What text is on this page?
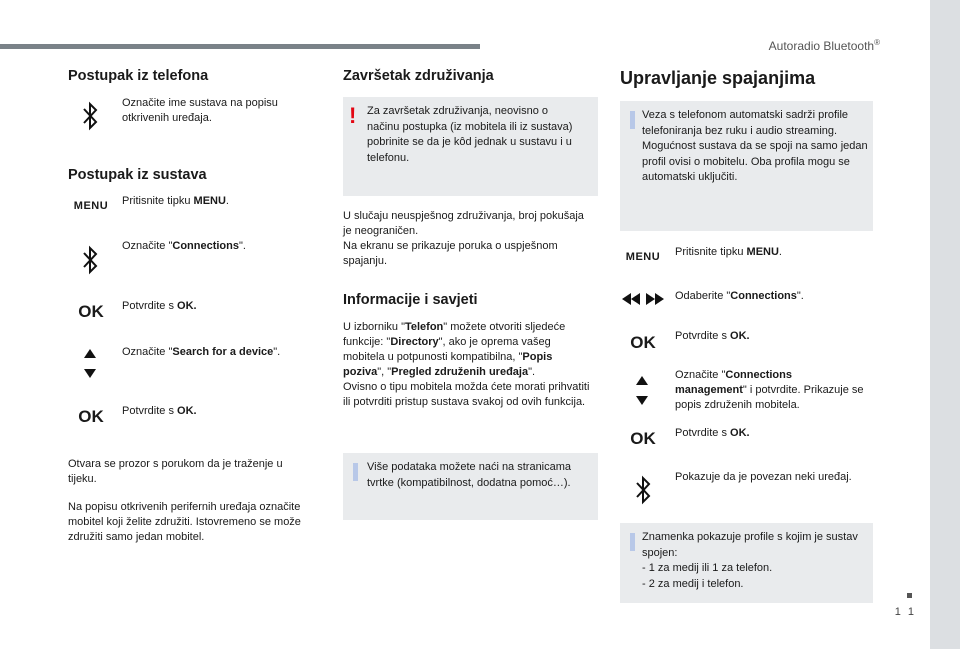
Autoradio Bluetooth®
1 1
Postupak iz telefona
Označite ime sustava na popisu otkrivenih uređaja.
Postupak iz sustava
MENU Pritisnite tipku MENU.
Označite "Connections".
OK Potvrdite s OK.
Označite "Search for a device".
OK Potvrdite s OK.
Otvara se prozor s porukom da je traženje u tijeku.
Na popisu otkrivenih perifernih uređaja označite mobitel koji želite združiti. Istovremeno se može združiti samo jedan mobitel.
Završetak združivanja
! Za završetak združivanja, neovisno o načinu postupka (iz mobitela ili iz sustava) pobrinite se da je kôd jednak u sustavu i u telefonu.
U slučaju neuspješnog združivanja, broj pokušaja je neograničen.
Na ekranu se prikazuje poruka o uspješnom spajanju.
Informacije i savjeti
U izborniku "Telefon" možete otvoriti sljedeće funkcije: "Directory", ako je oprema vašeg mobitela u potpunosti kompatibilna, "Popis poziva", "Pregled združenih uređaja".
Ovisno o tipu mobitela možda ćete morati prihvatiti ili potvrditi pristup sustava svakoj od ovih funkcija.
Više podataka možete naći na stranicama tvrtke (kompatibilnost, dodatna pomoć…).
Upravljanje spajanjima
Veza s telefonom automatski sadrži profile telefoniranja bez ruku i audio streaming. Mogućnost sustava da se spoji na samo jedan profil ovisi o mobitelu. Oba profila mogu se automatski uključiti.
MENU Pritisnite tipku MENU.
Odaberite "Connections".
OK Potvrdite s OK.
Označite "Connections management" i potvrdite. Prikazuje se popis združenih mobitela.
OK Potvrdite s OK.
Pokazuje da je povezan neki uređaj.
Znamenka pokazuje profile s kojim je sustav spojen:
- 1 za medij ili 1 za telefon.
- 2 za medij i telefon.
